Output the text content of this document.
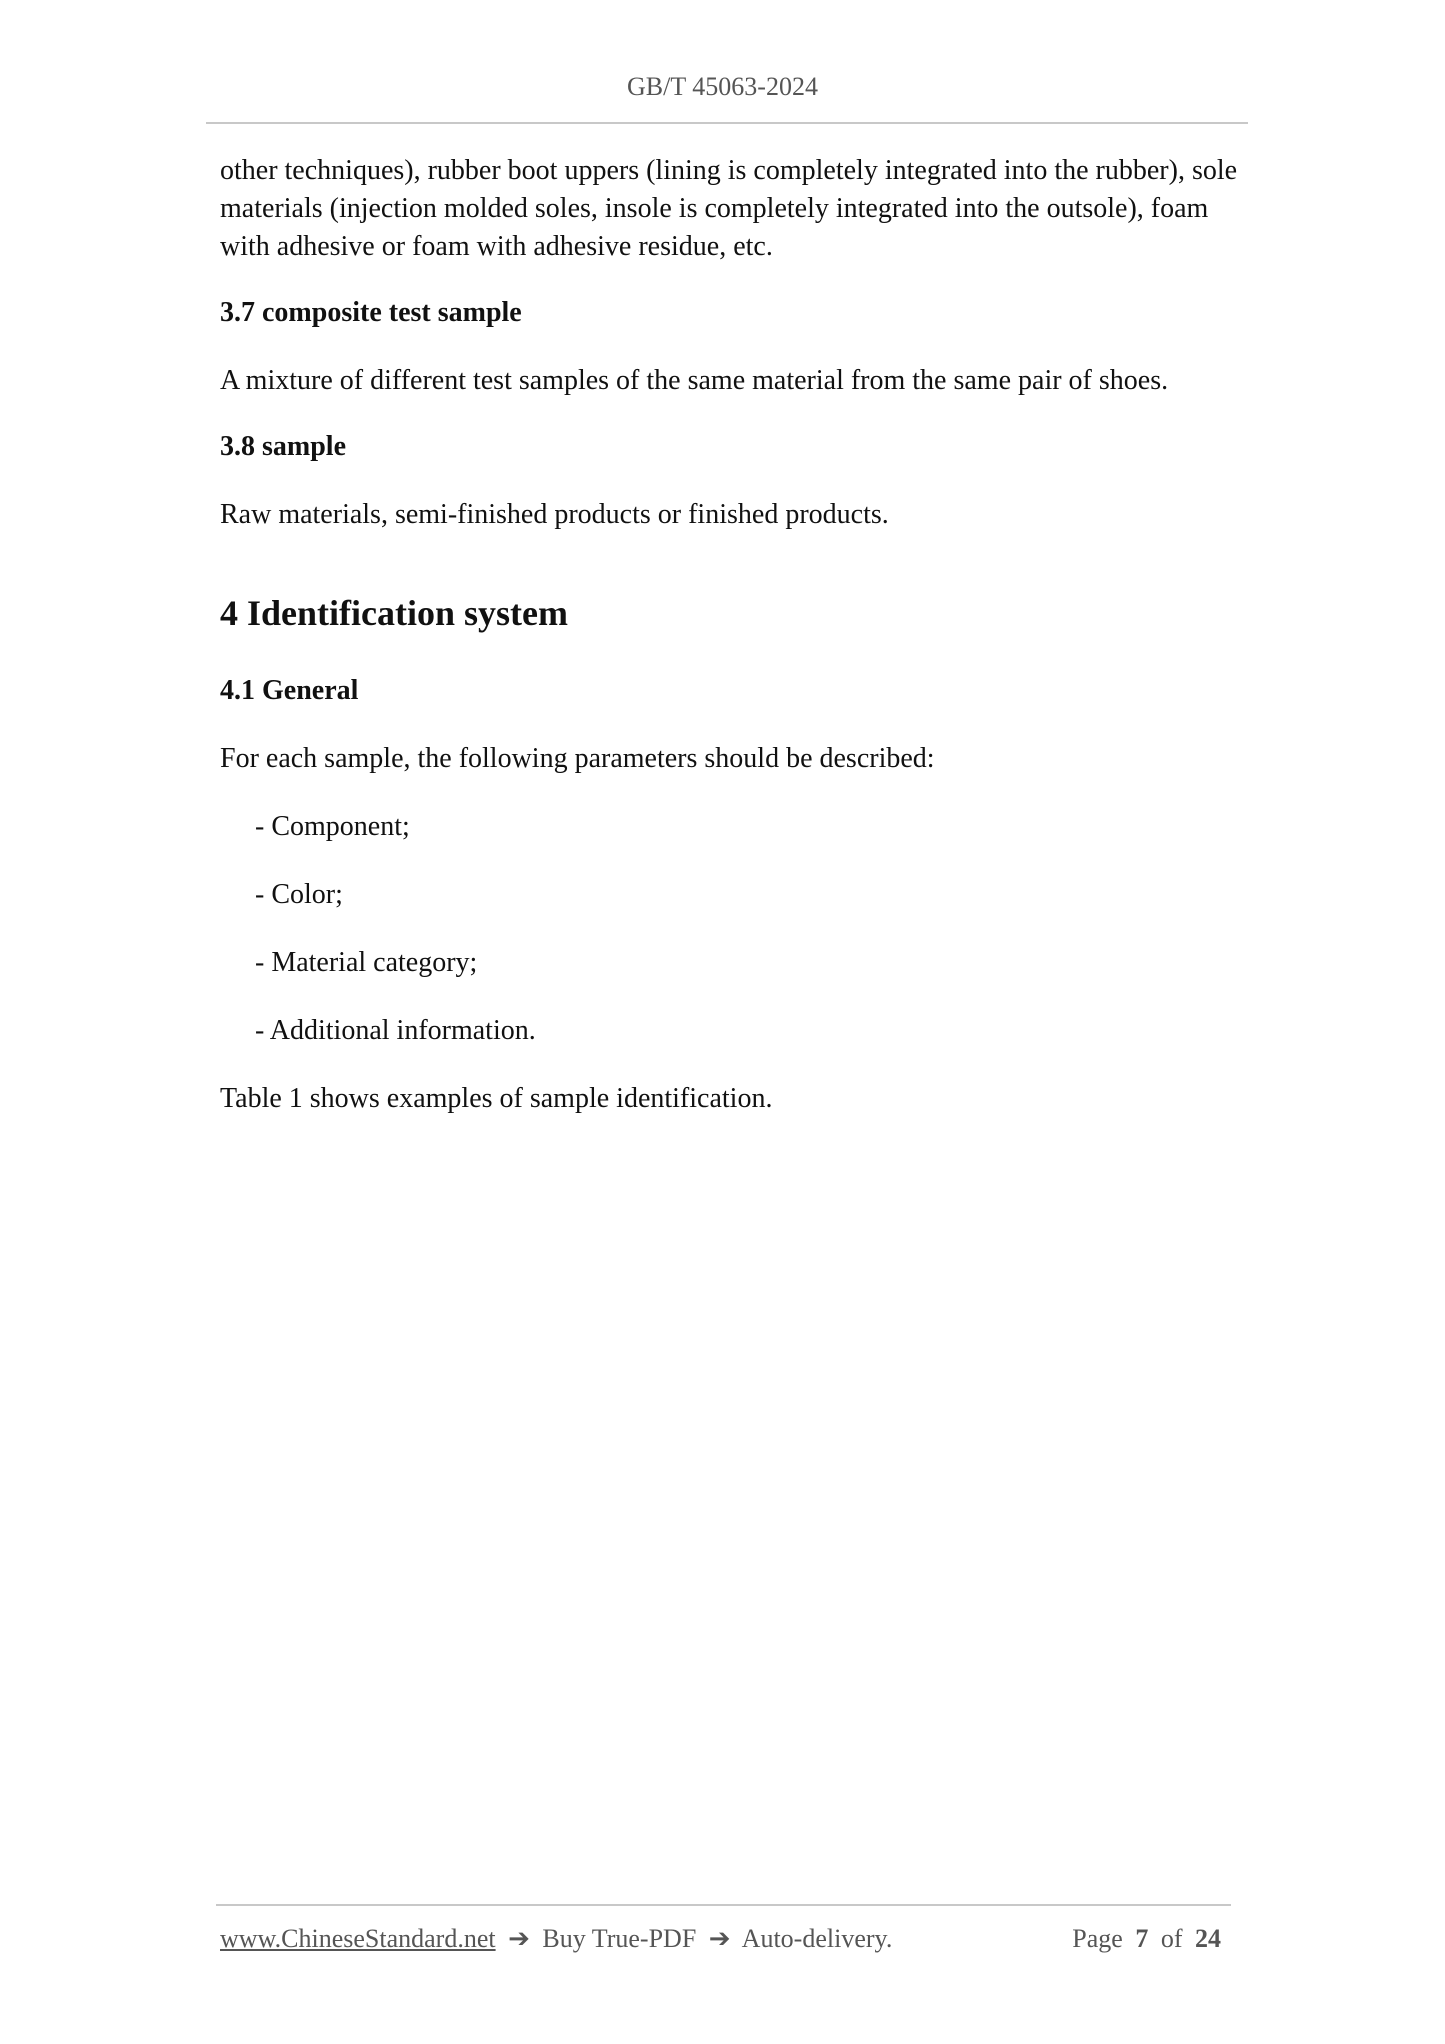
GB/T 45063-2024

other techniques), rubber boot uppers (lining is completely integrated into the rubber), sole materials (injection molded soles, insole is completely integrated into the outsole), foam with adhesive or foam with adhesive residue, etc.

3.7 composite test sample

A mixture of different test samples of the same material from the same pair of shoes.

3.8 sample

Raw materials, semi-finished products or finished products.

4 Identification system
4.1 General

For each sample, the following parameters should be described:

- Component;
- Color;
- Material category;
- Additional information.

Table 1 shows examples of sample identification.

www.ChineseStandard.net ➔ Buy True-PDF ➔ Auto-delivery.	Page 7 of 24
